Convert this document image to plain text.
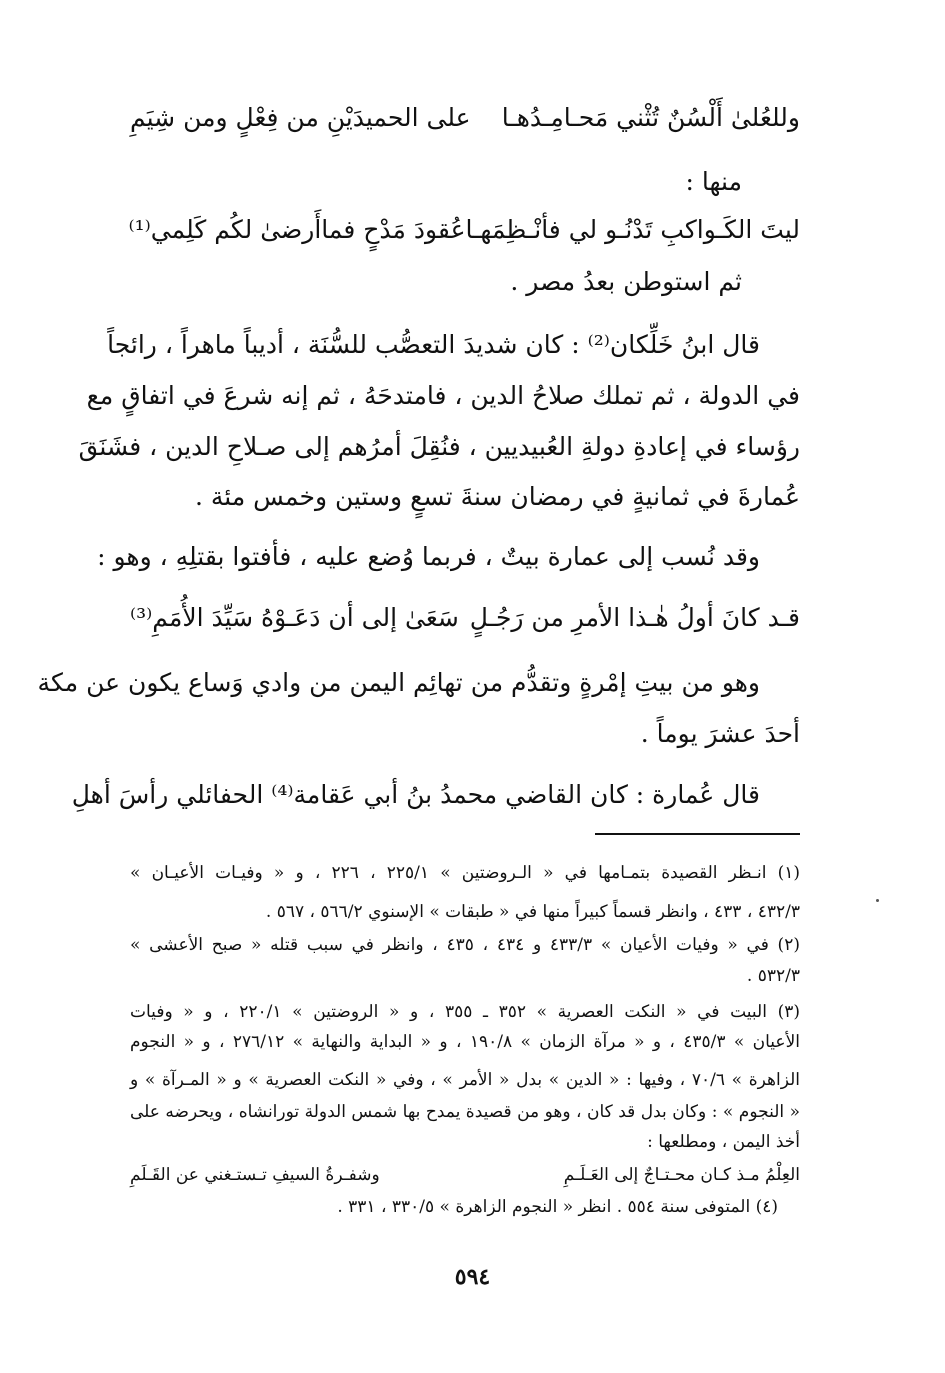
وللعُلىٰ أَلْسُنٌ تُثْني مَحـامِـدُهـا
على الحميدَيْنِ من فِعْلٍ ومن شِيَمِ
منها :
ليتَ الكَـواكبِ تَدْنُـو لي فأنْـظِمَهـا
عُقودَ مَدْحٍ فماأَرضىٰ لكُم كَلِمي⁽¹⁾
ثم استوطن بعدُ مصر .
قال ابنُ خَلِّكان⁽²⁾ : كان شديدَ التعصُّب للسُّنَة ، أديباً ماهراً ، رائجاً
في الدولة ، ثم تملك صلاحُ الدين ، فامتدحَهُ ، ثم إنه شرعَ في اتفاقٍ مع
رؤساء في إعادةِ دولةِ العُبيديين ، فنُقِلَ أمرُهم إلى صـلاحِ الدين ، فشَنَقَ
عُمارةَ في ثمانيةٍ في رمضان سنةَ تسعٍ وستين وخمس مئة .
وقد نُسب إلى عمارة بيتٌ ، فربما وُضع عليه ، فأفتوا بقتلِهِ ، وهو :
قـد كانَ أولُ هٰـذا الأمرِ من رَجُـلٍ
سَعَىٰ إلى أن دَعَـوْهُ سَيِّدَ الأُمَمِ⁽³⁾
وهو من بيتِ إمْرةٍ وتقدُّم من تهائِم اليمن من وادي وَساع يكون عن مكة
أحدَ عشرَ يوماً .
قال عُمارة : كان القاضي محمدُ بنُ أبي عَقامة⁽⁴⁾ الحفائلي رأسَ أهلِ
(١) انـظر القصيدة بتمـامها في « الـروضتين » ٢٢٥/١ ، ٢٢٦ ، و « وفيـات الأعيـان »
٤٣٢/٣ ، ٤٣٣ ، وانظر قسماً كبيراً منها في « طبقات » الإسنوي ٥٦٦/٢ ، ٥٦٧ .
(٢) في « وفيات الأعيان » ٤٣٣/٣ و ٤٣٤ ، ٤٣٥ ، وانظر في سبب قتله « صبح الأعشى »
٥٣٢/٣ .
(٣) البيت في « النكت العصرية » ٣٥٢ ـ ٣٥٥ ، و « الروضتين » ٢٢٠/١ ، و « وفيات
الأعيان » ٤٣٥/٣ ، و « مرآة الزمان » ١٩٠/٨ ، و « البداية والنهاية » ٢٧٦/١٢ ، و « النجوم
الزاهرة » ٧٠/٦ ، وفيها : « الدين » بدل « الأمر » ، وفي « النكت العصرية » و « المـرآة » و
« النجوم » : وكان بدل قد كان ، وهو من قصيدة يمدح بها شمس الدولة تورانشاه ، ويحرضه على
أخذ اليمن ، ومطلعها :
العِلْمُ مـذ كـان محـتـاجٌ إلى العَـلَـمِ
وشفـرةُ السيفِ تـستـغني عن القَـلَمِ
(٤) المتوفى سنة ٥٥٤ . انظر « النجوم الزاهرة » ٣٣٠/٥ ، ٣٣١ .
٥٩٤
